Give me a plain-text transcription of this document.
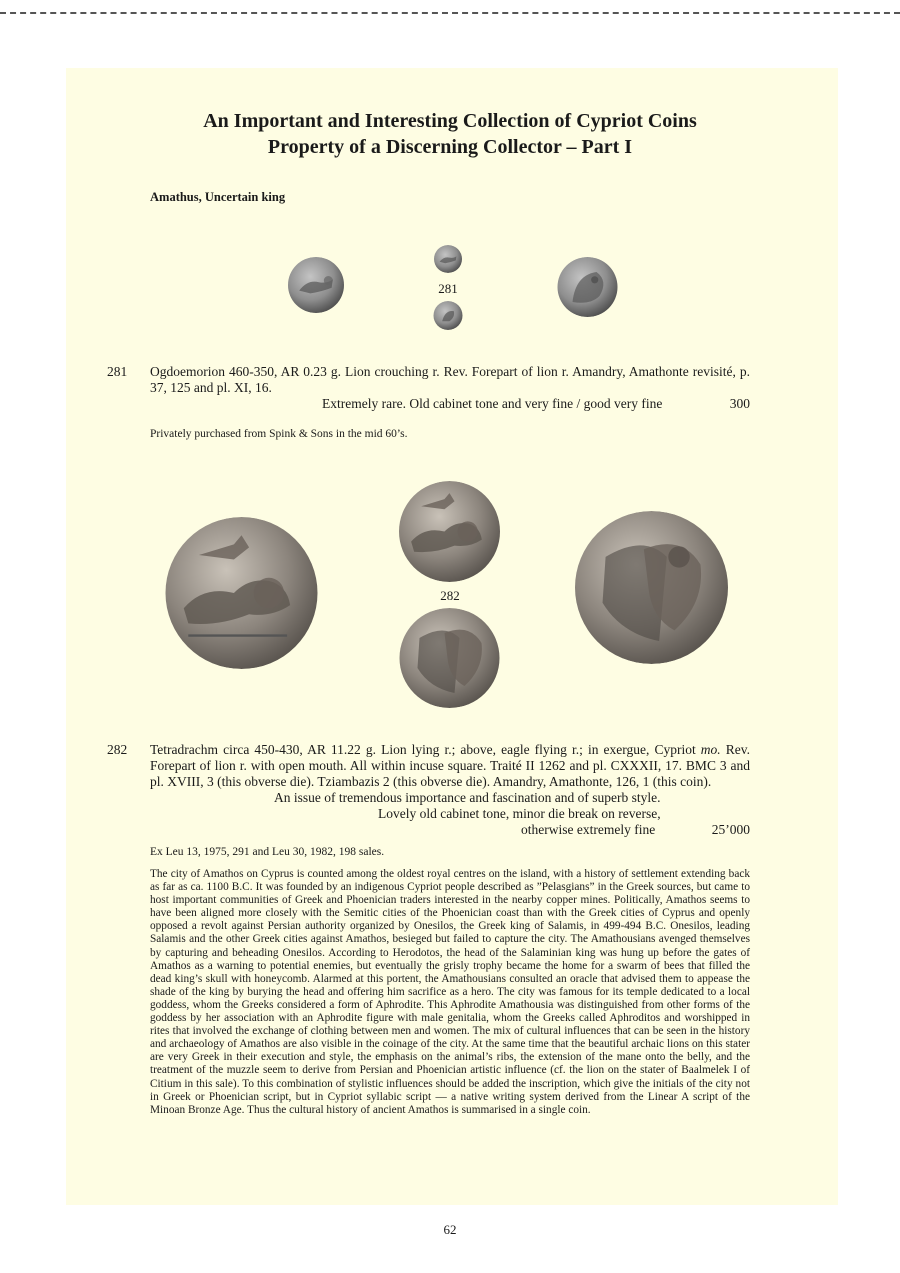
An Important and Interesting Collection of Cypriot Coins
Property of a Discerning Collector – Part I
Amathus, Uncertain king
281
281 Ogdoemorion 460-350, AR 0.23 g. Lion crouching r. Rev. Forepart of lion r. Amandry, Amathonte revisité, p. 37, 125 and pl. XI, 16.
Extremely rare. Old cabinet tone and very fine / good very fine	300
Privately purchased from Spink & Sons in the mid 60’s.
282
282 Tetradrachm circa 450-430, AR 11.22 g. Lion lying r.; above, eagle flying r.; in exergue, Cypriot mo. Rev. Forepart of lion r. with open mouth. All within incuse square. Traité II 1262 and pl. CXXXII, 17. BMC 3 and pl. XVIII, 3 (this obverse die). Tziambazis 2 (this obverse die). Amandry, Amathonte, 126, 1 (this coin).
An issue of tremendous importance and fascination and of superb style.
Lovely old cabinet tone, minor die break on reverse,
otherwise extremely fine	25’000
Ex Leu 13, 1975, 291 and Leu 30, 1982, 198 sales.
The city of Amathos on Cyprus is counted among the oldest royal centres on the island, with a history of settlement extending back as far as ca. 1100 B.C. It was founded by an indigenous Cypriot people described as ”Pelasgians” in the Greek sources, but came to host important communities of Greek and Phoenician traders interested in the nearby copper mines. Politically, Amathos seems to have been aligned more closely with the Semitic cities of the Phoenician coast than with the Greek cities of Cyprus and openly opposed a revolt against Persian authority organized by Onesilos, the Greek king of Salamis, in 499-494 B.C. Onesilos, leading Salamis and the other Greek cities against Amathos, besieged but failed to capture the city. The Amathousians avenged themselves by capturing and beheading Onesilos. According to Herodotos, the head of the Salaminian king was hung up before the gates of Amathos as a warning to potential enemies, but eventually the grisly trophy became the home for a swarm of bees that filled the dead king’s skull with honeycomb. Alarmed at this portent, the Amathousians consulted an oracle that advised them to appease the shade of the king by burying the head and offering him sacrifice as a hero. The city was famous for its temple dedicated to a local goddess, whom the Greeks considered a form of Aphrodite. This Aphrodite Amathousia was distinguished from other forms of the goddess by her association with an Aphrodite figure with male genitalia, whom the Greeks called Aphroditos and worshipped in rites that involved the exchange of clothing between men and women. The mix of cultural influences that can be seen in the history and archaeology of Amathos are also visible in the coinage of the city. At the same time that the beautiful archaic lions on this stater are very Greek in their execution and style, the emphasis on the animal’s ribs, the extension of the mane onto the belly, and the treatment of the muzzle seem to derive from Persian and Phoenician artistic influence (cf. the lion on the stater of Baalmelek I of Citium in this sale). To this combination of stylistic influences should be added the inscription, which give the initials of the city not in Greek or Phoenician script, but in Cypriot syllabic script — a native writing system derived from the Linear A script of the Minoan Bronze Age. Thus the cultural history of ancient Amathos is summarised in a single coin.
62
